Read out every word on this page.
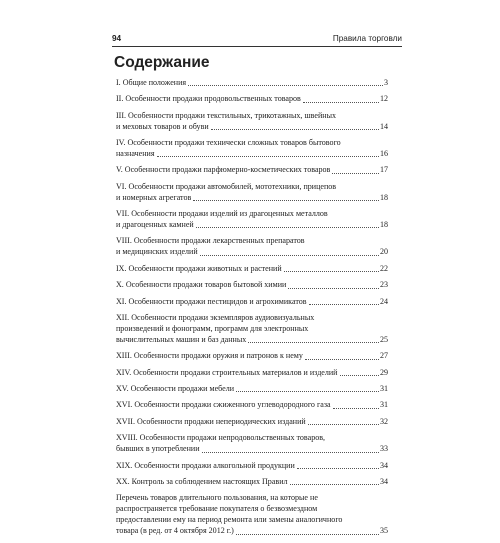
94	Правила торговли
Содержание
I. Общие положения	3
II. Особенности продажи продовольственных товаров	12
III. Особенности продажи текстильных, трикотажных, швейных
и меховых товаров и обуви	14
IV. Особенности продажи технически сложных товаров бытового
назначения	16
V. Особенности продажи парфюмерно-косметических товаров	17
VI. Особенности продажи автомобилей, мототехники, прицепов
и номерных агрегатов	18
VII. Особенности продажи изделий из драгоценных металлов
и драгоценных камней	18
VIII. Особенности продажи лекарственных препаратов
и медицинских изделий	20
IX. Особенности продажи животных и растений	22
X. Особенности продажи товаров бытовой химии	23
XI. Особенности продажи пестицидов и агрохимикатов	24
XII. Особенности продажи экземпляров аудиовизуальных
произведений и фонограмм, программ для электронных
вычислительных машин и баз данных	25
XIII. Особенности продажи оружия и патронов к нему	27
XIV. Особенности продажи строительных материалов и изделий	29
XV. Особенности продажи мебели	31
XVI. Особенности продажи сжиженного углеводородного газа	31
XVII. Особенности продажи непериодических изданий	32
XVIII. Особенности продажи непродовольственных товаров,
бывших в употреблении	33
XIX. Особенности продажи алкогольной продукции	34
XX. Контроль за соблюдением настоящих Правил	34
Перечень товаров длительного пользования, на которые не
распространяется требование покупателя о безвозмездном
предоставлении ему на период ремонта или замены аналогичного
товара (в ред. от 4 октября 2012 г.)	35
